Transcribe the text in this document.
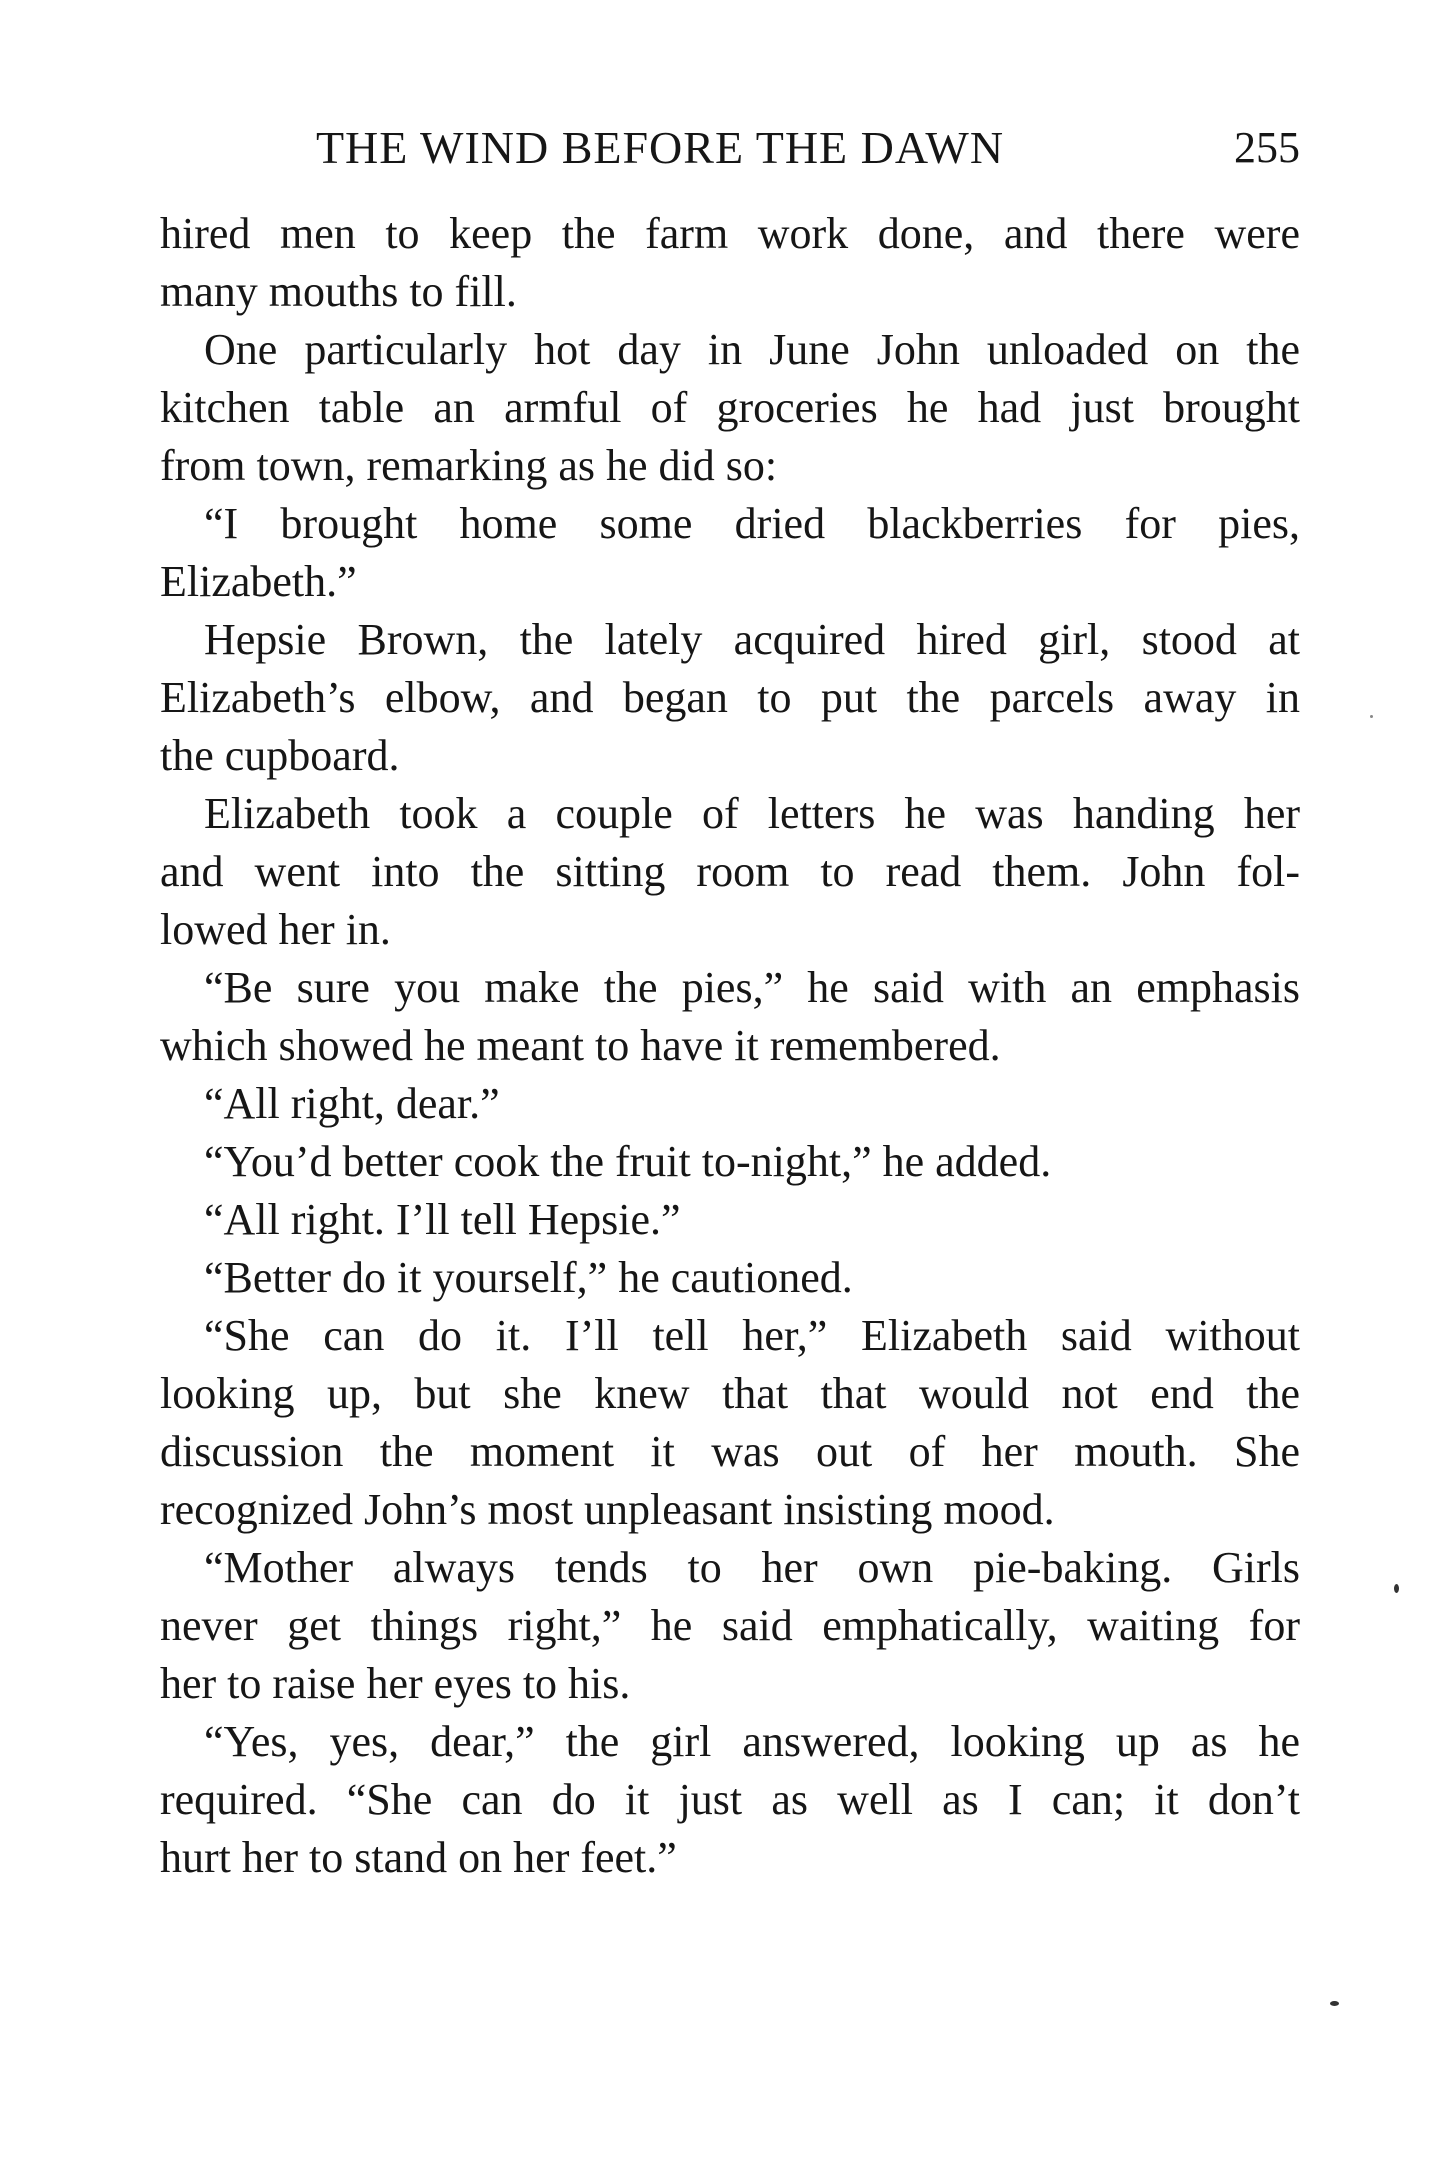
THE WIND BEFORE THE DAWN	255
hired men to keep the farm work done, and there were
many mouths to fill.
One particularly hot day in June John unloaded on the
kitchen table an armful of groceries he had just brought
from town, remarking as he did so:
“I brought home some dried blackberries for pies,
Elizabeth.”
Hepsie Brown, the lately acquired hired girl, stood at
Elizabeth’s elbow, and began to put the parcels away in
the cupboard.
Elizabeth took a couple of letters he was handing her
and went into the sitting room to read them. John fol-
lowed her in.
“Be sure you make the pies,” he said with an emphasis
which showed he meant to have it remembered.
“All right, dear.”
“You’d better cook the fruit to-night,” he added.
“All right. I’ll tell Hepsie.”
“Better do it yourself,” he cautioned.
“She can do it. I’ll tell her,” Elizabeth said without
looking up, but she knew that that would not end the
discussion the moment it was out of her mouth. She
recognized John’s most unpleasant insisting mood.
“Mother always tends to her own pie-baking. Girls
never get things right,” he said emphatically, waiting for
her to raise her eyes to his.
“Yes, yes, dear,” the girl answered, looking up as he
required. “She can do it just as well as I can; it don’t
hurt her to stand on her feet.”
